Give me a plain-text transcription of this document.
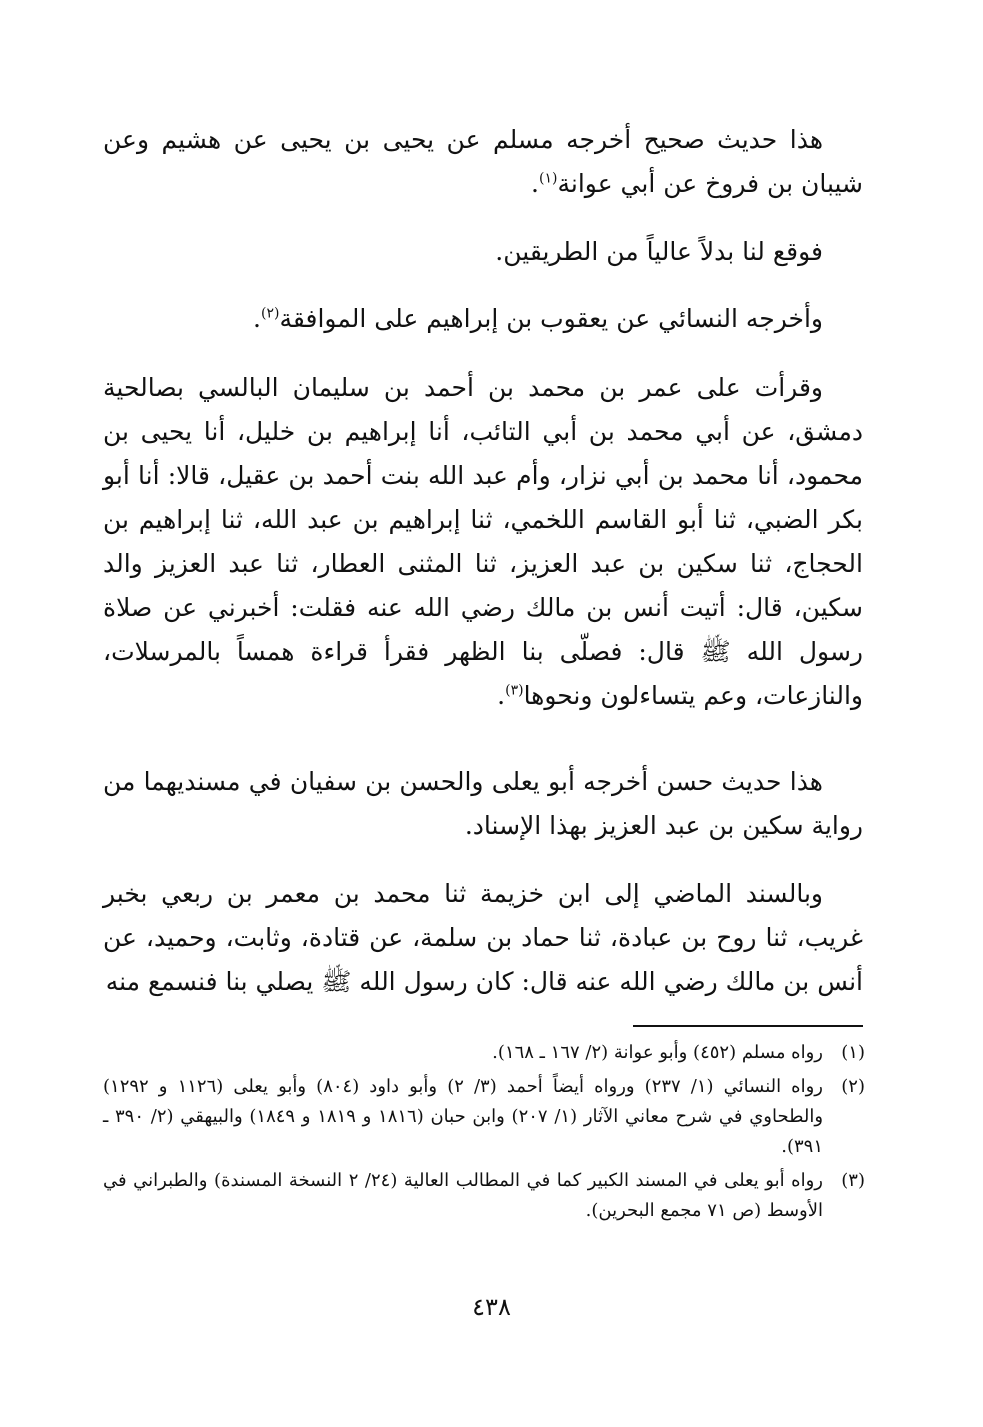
هذا حديث صحيح أخرجه مسلم عن يحيى بن يحيى عن هشيم وعن شيبان بن فروخ عن أبي عوانة$^{(١)}$.

فوقع لنا بدلاً عالياً من الطريقين.

وأخرجه النسائي عن يعقوب بن إبراهيم على الموافقة$^{(٢)}$.

وقرأت على عمر بن محمد بن أحمد بن سليمان البالسي بصالحية دمشق، عن أبي محمد بن أبي التائب، أنا إبراهيم بن خليل، أنا يحيى بن محمود، أنا محمد بن أبي نزار، وأم عبد الله بنت أحمد بن عقيل، قالا: أنا أبو بكر الضبي، ثنا أبو القاسم اللخمي، ثنا إبراهيم بن عبد الله، ثنا إبراهيم بن الحجاج، ثنا سكين بن عبد العزيز، ثنا المثنى العطار، ثنا عبد العزيز والد سكين، قال: أتيت أنس بن مالك رضي الله عنه فقلت: أخبرني عن صلاة رسول الله ﷺ قال: فصلّى بنا الظهر فقرأ قراءة همساً بالمرسلات، والنازعات، وعم يتساءلون ونحوها$^{(٣)}$.

هذا حديث حسن أخرجه أبو يعلى والحسن بن سفيان في مسنديهما من رواية سكين بن عبد العزيز بهذا الإسناد.

وبالسند الماضي إلى ابن خزيمة ثنا محمد بن معمر بن ربعي بخبر غريب، ثنا روح بن عبادة، ثنا حماد بن سلمة، عن قتادة، وثابت، وحميد، عن أنس بن مالك رضي الله عنه قال: كان رسول الله ﷺ يصلي بنا فنسمع منه

(١)
رواه مسلم (٤٥٢) وأبو عوانة (٢/ ١٦٧ ـ ١٦٨).

(٢)
رواه النسائي (١/ ٢٣٧) ورواه أيضاً أحمد (٣/ ٢) وأبو داود (٨٠٤) وأبو يعلى (١١٢٦ و ١٢٩٢) والطحاوي في شرح معاني الآثار (١/ ٢٠٧) وابن حبان (١٨١٦ و ١٨١٩ و ١٨٤٩) والبيهقي (٢/ ٣٩٠ ـ ٣٩١).

(٣)
رواه أبو يعلى في المسند الكبير كما في المطالب العالية (٢٤/ ٢ النسخة المسندة) والطبراني في الأوسط (ص ٧١ مجمع البحرين).

٤٣٨
